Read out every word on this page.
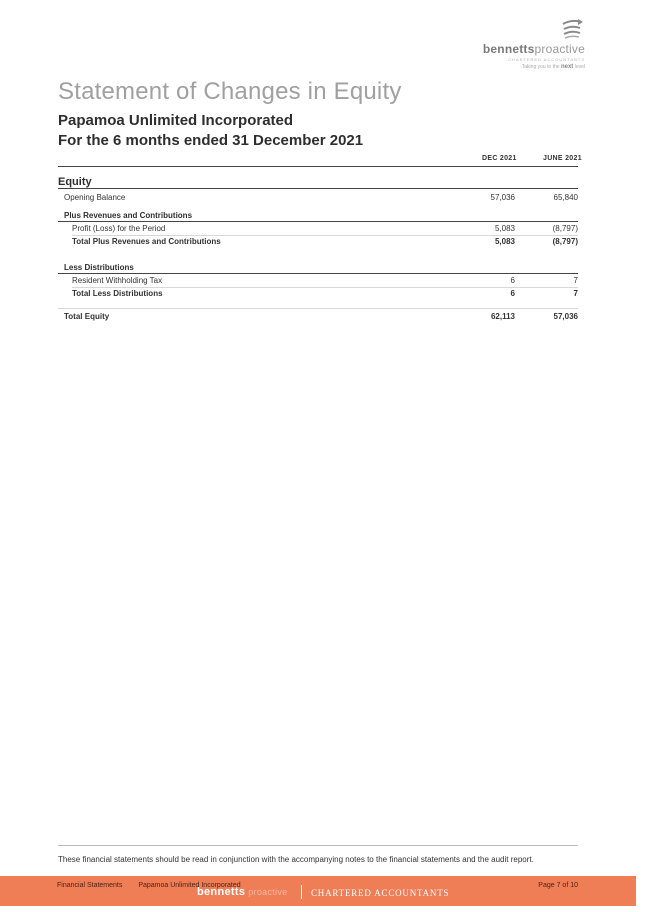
bennettsproactive
CHARTERED ACCOUNTANTS
Taking you to the next level
Statement of Changes in Equity
Papamoa Unlimited Incorporated
For the 6 months ended 31 December 2021
DEC 2021	JUNE 2021
Equity
Opening Balance	57,036	65,840
Plus Revenues and Contributions
Profit (Loss) for the Period	5,083	(8,797)
Total Plus Revenues and Contributions	5,083	(8,797)
Less Distributions
Resident Withholding Tax	6	7
Total Less Distributions	6	7
Total Equity	62,113	57,036
These financial statements should be read in conjunction with the accompanying notes to the financial statements and the audit report.
Financial Statements Papamoa Unlimited Incorporated
bennetts proactive	CHARTERED ACCOUNTANTS
Page 7 of 10
